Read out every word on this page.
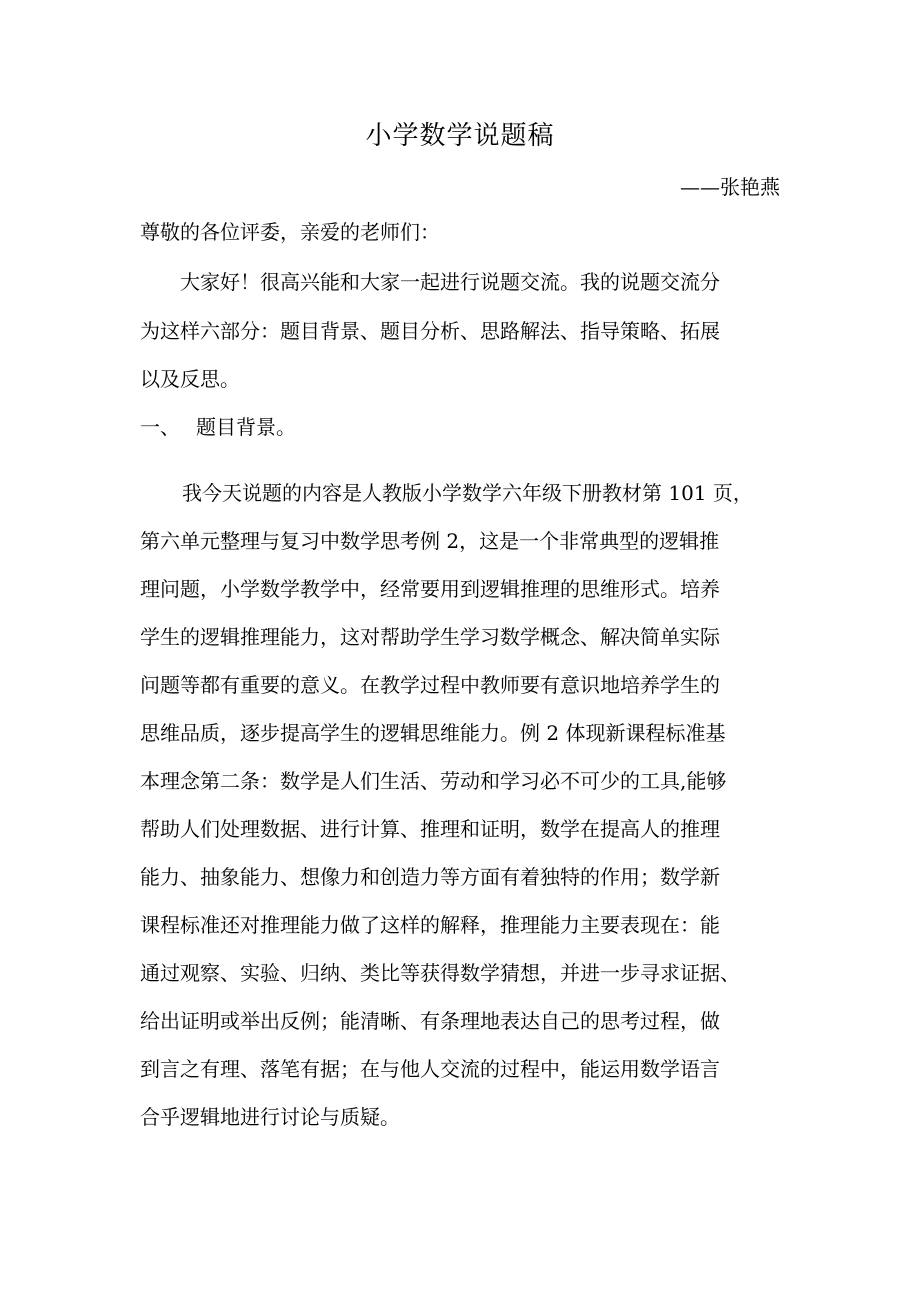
小学数学说题稿
——张艳燕
尊敬的各位评委，亲爱的老师们：
大家好！很高兴能和大家一起进行说题交流。我的说题交流分
为这样六部分：题目背景、题目分析、思路解法、指导策略、拓展
以及反思。
一、 题目背景。
我今天说题的内容是人教版小学数学六年级下册教材第 101 页，
第六单元整理与复习中数学思考例 2，这是一个非常典型的逻辑推
理问题，小学数学教学中，经常要用到逻辑推理的思维形式。培养
学生的逻辑推理能力，这对帮助学生学习数学概念、解决简单实际
问题等都有重要的意义。在教学过程中教师要有意识地培养学生的
思维品质，逐步提高学生的逻辑思维能力。例 2 体现新课程标准基
本理念第二条：数学是人们生活、劳动和学习必不可少的工具,能够
帮助人们处理数据、进行计算、推理和证明，数学在提高人的推理
能力、抽象能力、想像力和创造力等方面有着独特的作用；数学新
课程标准还对推理能力做了这样的解释，推理能力主要表现在：能
通过观察、实验、归纳、类比等获得数学猜想，并进一步寻求证据、
给出证明或举出反例；能清晰、有条理地表达自己的思考过程，做
到言之有理、落笔有据；在与他人交流的过程中，能运用数学语言
合乎逻辑地进行讨论与质疑。
